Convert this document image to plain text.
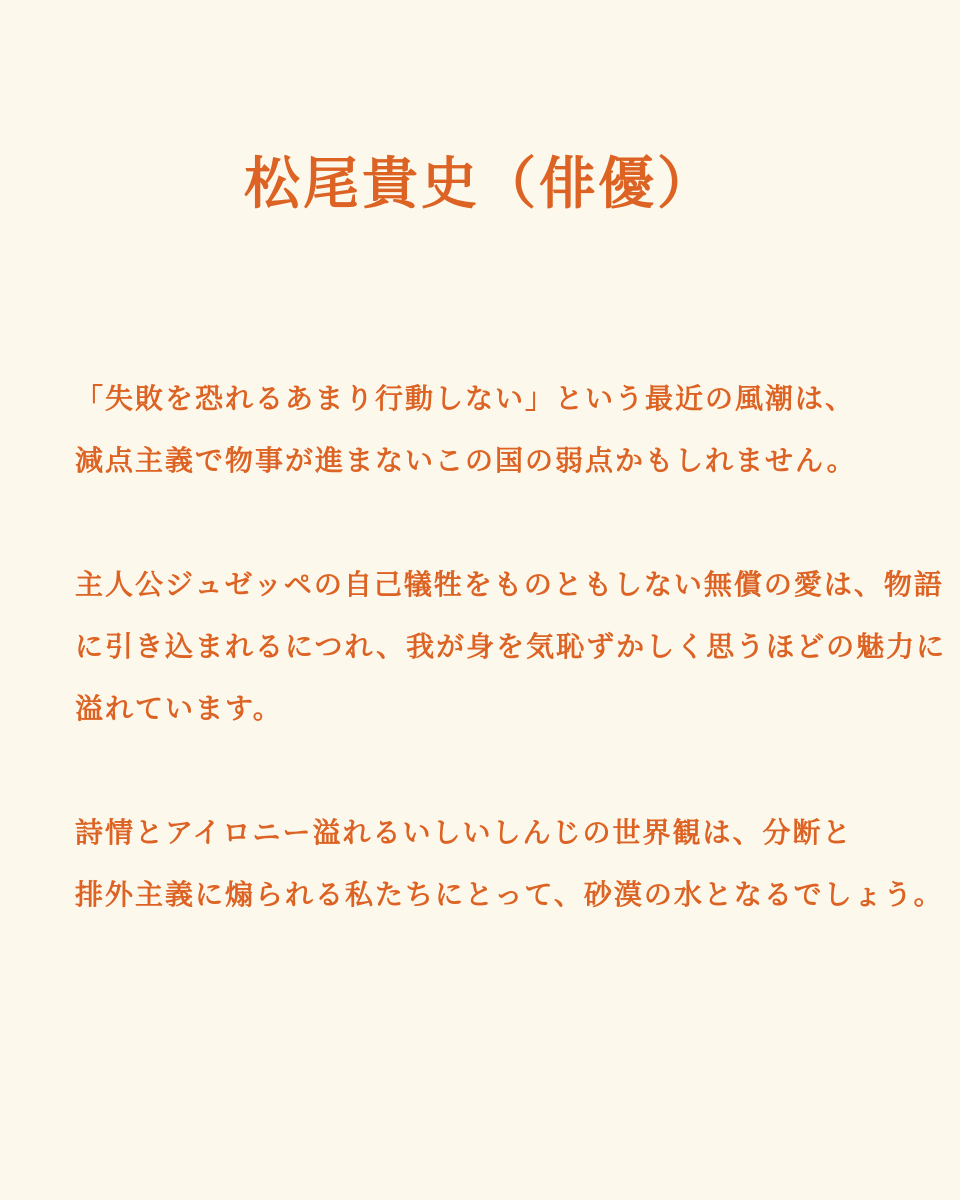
松尾貴史（俳優）
「失敗を恐れるあまり行動しない」という最近の風潮は、
減点主義で物事が進まないこの国の弱点かもしれません。
主人公ジュゼッペの自己犠牲をものともしない無償の愛は、物語
に引き込まれるにつれ、我が身を気恥ずかしく思うほどの魅力に
溢れています。
詩情とアイロニー溢れるいしいしんじの世界観は、分断と
排外主義に煽られる私たちにとって、砂漠の水となるでしょう。
